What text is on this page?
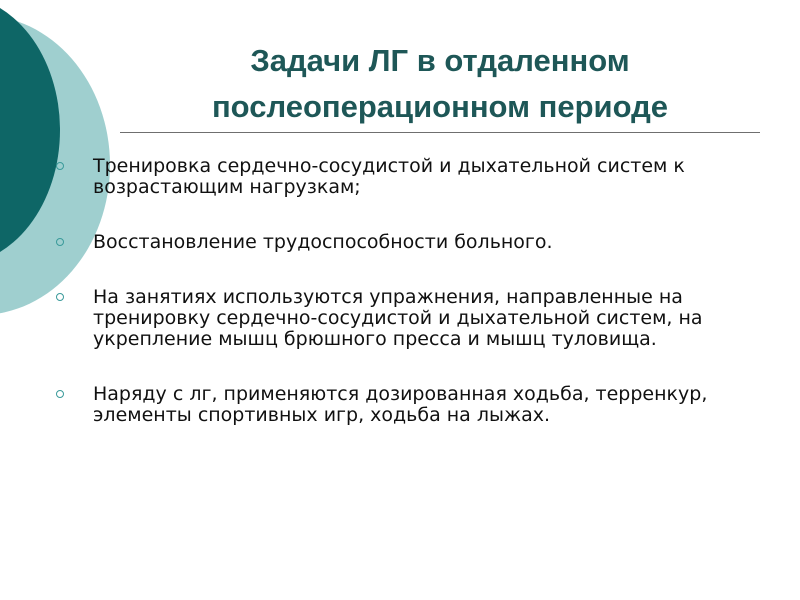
Задачи ЛГ в отдаленном
послеоперационном периоде
Тренировка сердечно-сосудистой и дыхательной систем к возрастающим нагрузкам;
Восстановление трудоспособности больного.
На занятиях используются упражнения, направленные на тренировку сердечно-сосудистой и дыхательной систем, на укрепление мышц брюшного пресса и мышц туловища.
Наряду с лг, применяются дозированная ходьба, терренкур, элементы спортивных игр, ходьба на лыжах.
